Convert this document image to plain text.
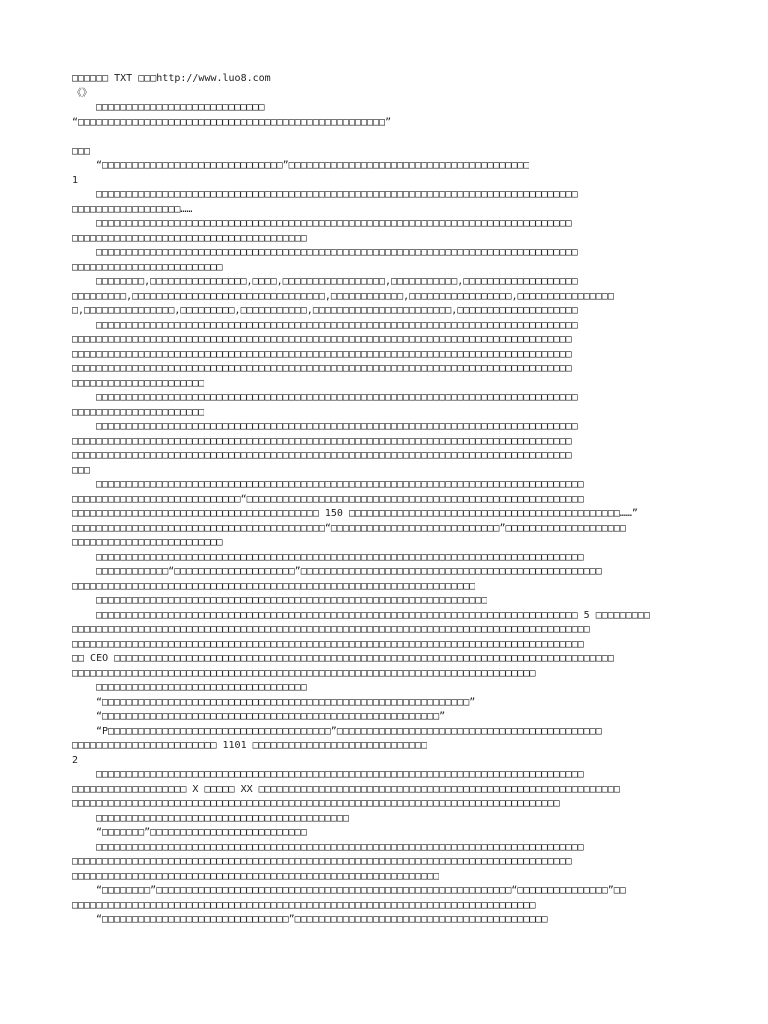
□□□□□□ TXT □□□http://www.luo8.com
《》
□□□□□□□□□□□□□□□□□□□□□□□□□□□□
“□□□□□□□□□□□□□□□□□□□□□□□□□□□□□□□□□□□□□□□□□□□□□□□□□□□”
□□□
“□□□□□□□□□□□□□□□□□□□□□□□□□□□□□□”□□□□□□□□□□□□□□□□□□□□□□□□□□□□□□□□□□□□□□□□
1
□□□□□□□□□□□□□□□□□□□□□□□□□□□□□□□□□□□□□□□□□□□□□□□□□□□□□□□□□□□□□□□□□□□□□□□□□□□□□□□□
□□□□□□□□□□□□□□□□□□……
□□□□□□□□□□□□□□□□□□□□□□□□□□□□□□□□□□□□□□□□□□□□□□□□□□□□□□□□□□□□□□□□□□□□□□□□□□□□□□□
□□□□□□□□□□□□□□□□□□□□□□□□□□□□□□□□□□□□□□□
□□□□□□□□□□□□□□□□□□□□□□□□□□□□□□□□□□□□□□□□□□□□□□□□□□□□□□□□□□□□□□□□□□□□□□□□□□□□□□□□
□□□□□□□□□□□□□□□□□□□□□□□□□
□□□□□□□□,□□□□□□□□□□□□□□□□,□□□□,□□□□□□□□□□□□□□□□□,□□□□□□□□□□□,□□□□□□□□□□□□□□□□□□□
□□□□□□□□□,□□□□□□□□□□□□□□□□□□□□□□□□□□□□□□□□,□□□□□□□□□□□□,□□□□□□□□□□□□□□□□□,□□□□□□□□□□□□□□□□
□,□□□□□□□□□□□□□□□,□□□□□□□□□,□□□□□□□□□□□,□□□□□□□□□□□□□□□□□□□□□□□,□□□□□□□□□□□□□□□□□□□□
□□□□□□□□□□□□□□□□□□□□□□□□□□□□□□□□□□□□□□□□□□□□□□□□□□□□□□□□□□□□□□□□□□□□□□□□□□□□□□□□
□□□□□□□□□□□□□□□□□□□□□□□□□□□□□□□□□□□□□□□□□□□□□□□□□□□□□□□□□□□□□□□□□□□□□□□□□□□□□□□□□□□
□□□□□□□□□□□□□□□□□□□□□□□□□□□□□□□□□□□□□□□□□□□□□□□□□□□□□□□□□□□□□□□□□□□□□□□□□□□□□□□□□□□
□□□□□□□□□□□□□□□□□□□□□□□□□□□□□□□□□□□□□□□□□□□□□□□□□□□□□□□□□□□□□□□□□□□□□□□□□□□□□□□□□□□
□□□□□□□□□□□□□□□□□□□□□□
□□□□□□□□□□□□□□□□□□□□□□□□□□□□□□□□□□□□□□□□□□□□□□□□□□□□□□□□□□□□□□□□□□□□□□□□□□□□□□□□
□□□□□□□□□□□□□□□□□□□□□□
□□□□□□□□□□□□□□□□□□□□□□□□□□□□□□□□□□□□□□□□□□□□□□□□□□□□□□□□□□□□□□□□□□□□□□□□□□□□□□□□
□□□□□□□□□□□□□□□□□□□□□□□□□□□□□□□□□□□□□□□□□□□□□□□□□□□□□□□□□□□□□□□□□□□□□□□□□□□□□□□□□□□
□□□□□□□□□□□□□□□□□□□□□□□□□□□□□□□□□□□□□□□□□□□□□□□□□□□□□□□□□□□□□□□□□□□□□□□□□□□□□□□□□□□
□□□
□□□□□□□□□□□□□□□□□□□□□□□□□□□□□□□□□□□□□□□□□□□□□□□□□□□□□□□□□□□□□□□□□□□□□□□□□□□□□□□□□
□□□□□□□□□□□□□□□□□□□□□□□□□□□□“□□□□□□□□□□□□□□□□□□□□□□□□□□□□□□□□□□□□□□□□□□□□□□□□□□□□□□□□
□□□□□□□□□□□□□□□□□□□□□□□□□□□□□□□□□□□□□□□□□ 150 □□□□□□□□□□□□□□□□□□□□□□□□□□□□□□□□□□□□□□□□□□□□□……”
□□□□□□□□□□□□□□□□□□□□□□□□□□□□□□□□□□□□□□□□□□“□□□□□□□□□□□□□□□□□□□□□□□□□□□□”□□□□□□□□□□□□□□□□□□□□
□□□□□□□□□□□□□□□□□□□□□□□□□
□□□□□□□□□□□□□□□□□□□□□□□□□□□□□□□□□□□□□□□□□□□□□□□□□□□□□□□□□□□□□□□□□□□□□□□□□□□□□□□□□
□□□□□□□□□□□□“□□□□□□□□□□□□□□□□□□□□”□□□□□□□□□□□□□□□□□□□□□□□□□□□□□□□□□□□□□□□□□□□□□□□□□□
□□□□□□□□□□□□□□□□□□□□□□□□□□□□□□□□□□□□□□□□□□□□□□□□□□□□□□□□□□□□□□□□□□□
□□□□□□□□□□□□□□□□□□□□□□□□□□□□□□□□□□□□□□□□□□□□□□□□□□□□□□□□□□□□□□□□□
□□□□□□□□□□□□□□□□□□□□□□□□□□□□□□□□□□□□□□□□□□□□□□□□□□□□□□□□□□□□□□□□□□□□□□□□□□□□□□□□ 5 □□□□□□□□□
□□□□□□□□□□□□□□□□□□□□□□□□□□□□□□□□□□□□□□□□□□□□□□□□□□□□□□□□□□□□□□□□□□□□□□□□□□□□□□□□□□□□□□
□□□□□□□□□□□□□□□□□□□□□□□□□□□□□□□□□□□□□□□□□□□□□□□□□□□□□□□□□□□□□□□□□□□□□□□□□□□□□□□□□□□□□
□□ CEO □□□□□□□□□□□□□□□□□□□□□□□□□□□□□□□□□□□□□□□□□□□□□□□□□□□□□□□□□□□□□□□□□□□□□□□□□□□□□□□□□□□
□□□□□□□□□□□□□□□□□□□□□□□□□□□□□□□□□□□□□□□□□□□□□□□□□□□□□□□□□□□□□□□□□□□□□□□□□□□□□
□□□□□□□□□□□□□□□□□□□□□□□□□□□□□□□□□□□
“□□□□□□□□□□□□□□□□□□□□□□□□□□□□□□□□□□□□□□□□□□□□□□□□□□□□□□□□□□□□□”
“□□□□□□□□□□□□□□□□□□□□□□□□□□□□□□□□□□□□□□□□□□□□□□□□□□□□□□□□”
“P□□□□□□□□□□□□□□□□□□□□□□□□□□□□□□□□□□□□□”□□□□□□□□□□□□□□□□□□□□□□□□□□□□□□□□□□□□□□□□□□□□
□□□□□□□□□□□□□□□□□□□□□□□□ 1101 □□□□□□□□□□□□□□□□□□□□□□□□□□□□□
2
□□□□□□□□□□□□□□□□□□□□□□□□□□□□□□□□□□□□□□□□□□□□□□□□□□□□□□□□□□□□□□□□□□□□□□□□□□□□□□□□□
□□□□□□□□□□□□□□□□□□□ X □□□□□ XX □□□□□□□□□□□□□□□□□□□□□□□□□□□□□□□□□□□□□□□□□□□□□□□□□□□□□□□□□□□□
□□□□□□□□□□□□□□□□□□□□□□□□□□□□□□□□□□□□□□□□□□□□□□□□□□□□□□□□□□□□□□□□□□□□□□□□□□□□□□□□□
□□□□□□□□□□□□□□□□□□□□□□□□□□□□□□□□□□□□□□□□□□
“□□□□□□□”□□□□□□□□□□□□□□□□□□□□□□□□□□
□□□□□□□□□□□□□□□□□□□□□□□□□□□□□□□□□□□□□□□□□□□□□□□□□□□□□□□□□□□□□□□□□□□□□□□□□□□□□□□□□
□□□□□□□□□□□□□□□□□□□□□□□□□□□□□□□□□□□□□□□□□□□□□□□□□□□□□□□□□□□□□□□□□□□□□□□□□□□□□□□□□□□
□□□□□□□□□□□□□□□□□□□□□□□□□□□□□□□□□□□□□□□□□□□□□□□□□□□□□□□□□□□□□
“□□□□□□□□”□□□□□□□□□□□□□□□□□□□□□□□□□□□□□□□□□□□□□□□□□□□□□□□□□□□□□□□□□□□“□□□□□□□□□□□□□□□”□□
□□□□□□□□□□□□□□□□□□□□□□□□□□□□□□□□□□□□□□□□□□□□□□□□□□□□□□□□□□□□□□□□□□□□□□□□□□□□□
“□□□□□□□□□□□□□□□□□□□□□□□□□□□□□□□”□□□□□□□□□□□□□□□□□□□□□□□□□□□□□□□□□□□□□□□□□□
